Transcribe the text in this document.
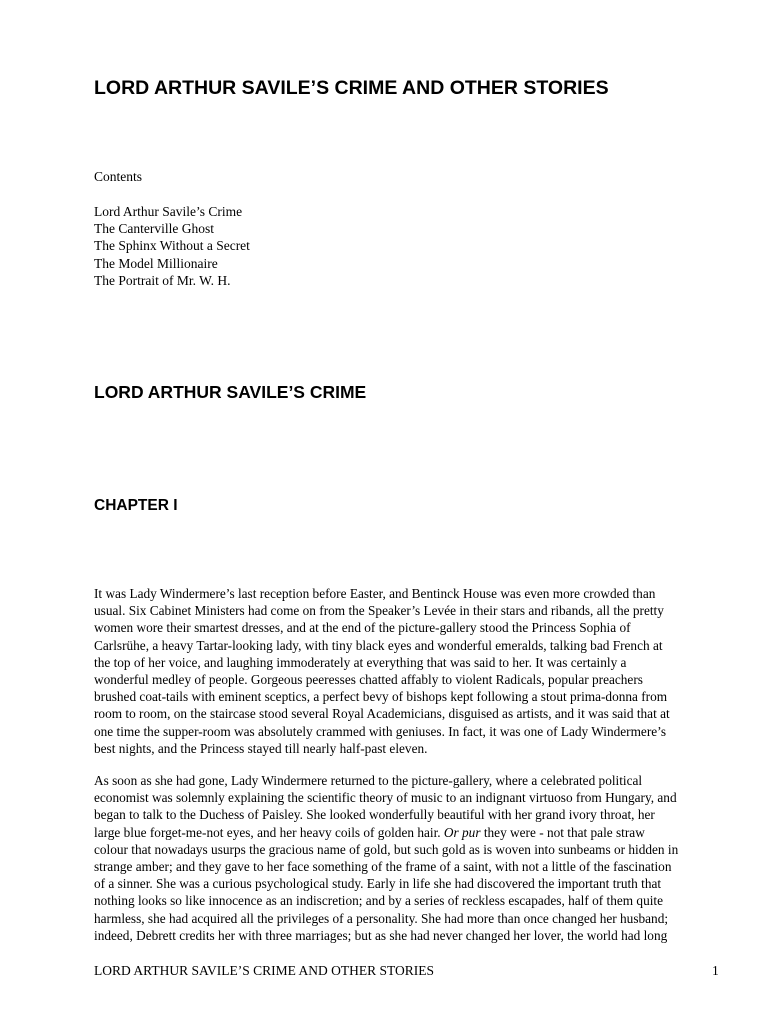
LORD ARTHUR SAVILE’S CRIME AND OTHER STORIES

Contents

Lord Arthur Savile’s Crime
The Canterville Ghost
The Sphinx Without a Secret
The Model Millionaire
The Portrait of Mr. W. H.
LORD ARTHUR SAVILE’S CRIME
CHAPTER I

It was Lady Windermere’s last reception before Easter, and Bentinck House was even more crowded than
usual. Six Cabinet Ministers had come on from the Speaker’s Levée in their stars and ribands, all the pretty
women wore their smartest dresses, and at the end of the picture-gallery stood the Princess Sophia of
Carlsrühe, a heavy Tartar-looking lady, with tiny black eyes and wonderful emeralds, talking bad French at
the top of her voice, and laughing immoderately at everything that was said to her. It was certainly a
wonderful medley of people. Gorgeous peeresses chatted affably to violent Radicals, popular preachers
brushed coat-tails with eminent sceptics, a perfect bevy of bishops kept following a stout prima-donna from
room to room, on the staircase stood several Royal Academicians, disguised as artists, and it was said that at
one time the supper-room was absolutely crammed with geniuses. In fact, it was one of Lady Windermere’s
best nights, and the Princess stayed till nearly half-past eleven.

As soon as she had gone, Lady Windermere returned to the picture-gallery, where a celebrated political
economist was solemnly explaining the scientific theory of music to an indignant virtuoso from Hungary, and
began to talk to the Duchess of Paisley. She looked wonderfully beautiful with her grand ivory throat, her
large blue forget-me-not eyes, and her heavy coils of golden hair. Or pur they were - not that pale straw
colour that nowadays usurps the gracious name of gold, but such gold as is woven into sunbeams or hidden in
strange amber; and they gave to her face something of the frame of a saint, with not a little of the fascination
of a sinner. She was a curious psychological study. Early in life she had discovered the important truth that
nothing looks so like innocence as an indiscretion; and by a series of reckless escapades, half of them quite
harmless, she had acquired all the privileges of a personality. She had more than once changed her husband;
indeed, Debrett credits her with three marriages; but as she had never changed her lover, the world had long

LORD ARTHUR SAVILE’S CRIME AND OTHER STORIES	1
